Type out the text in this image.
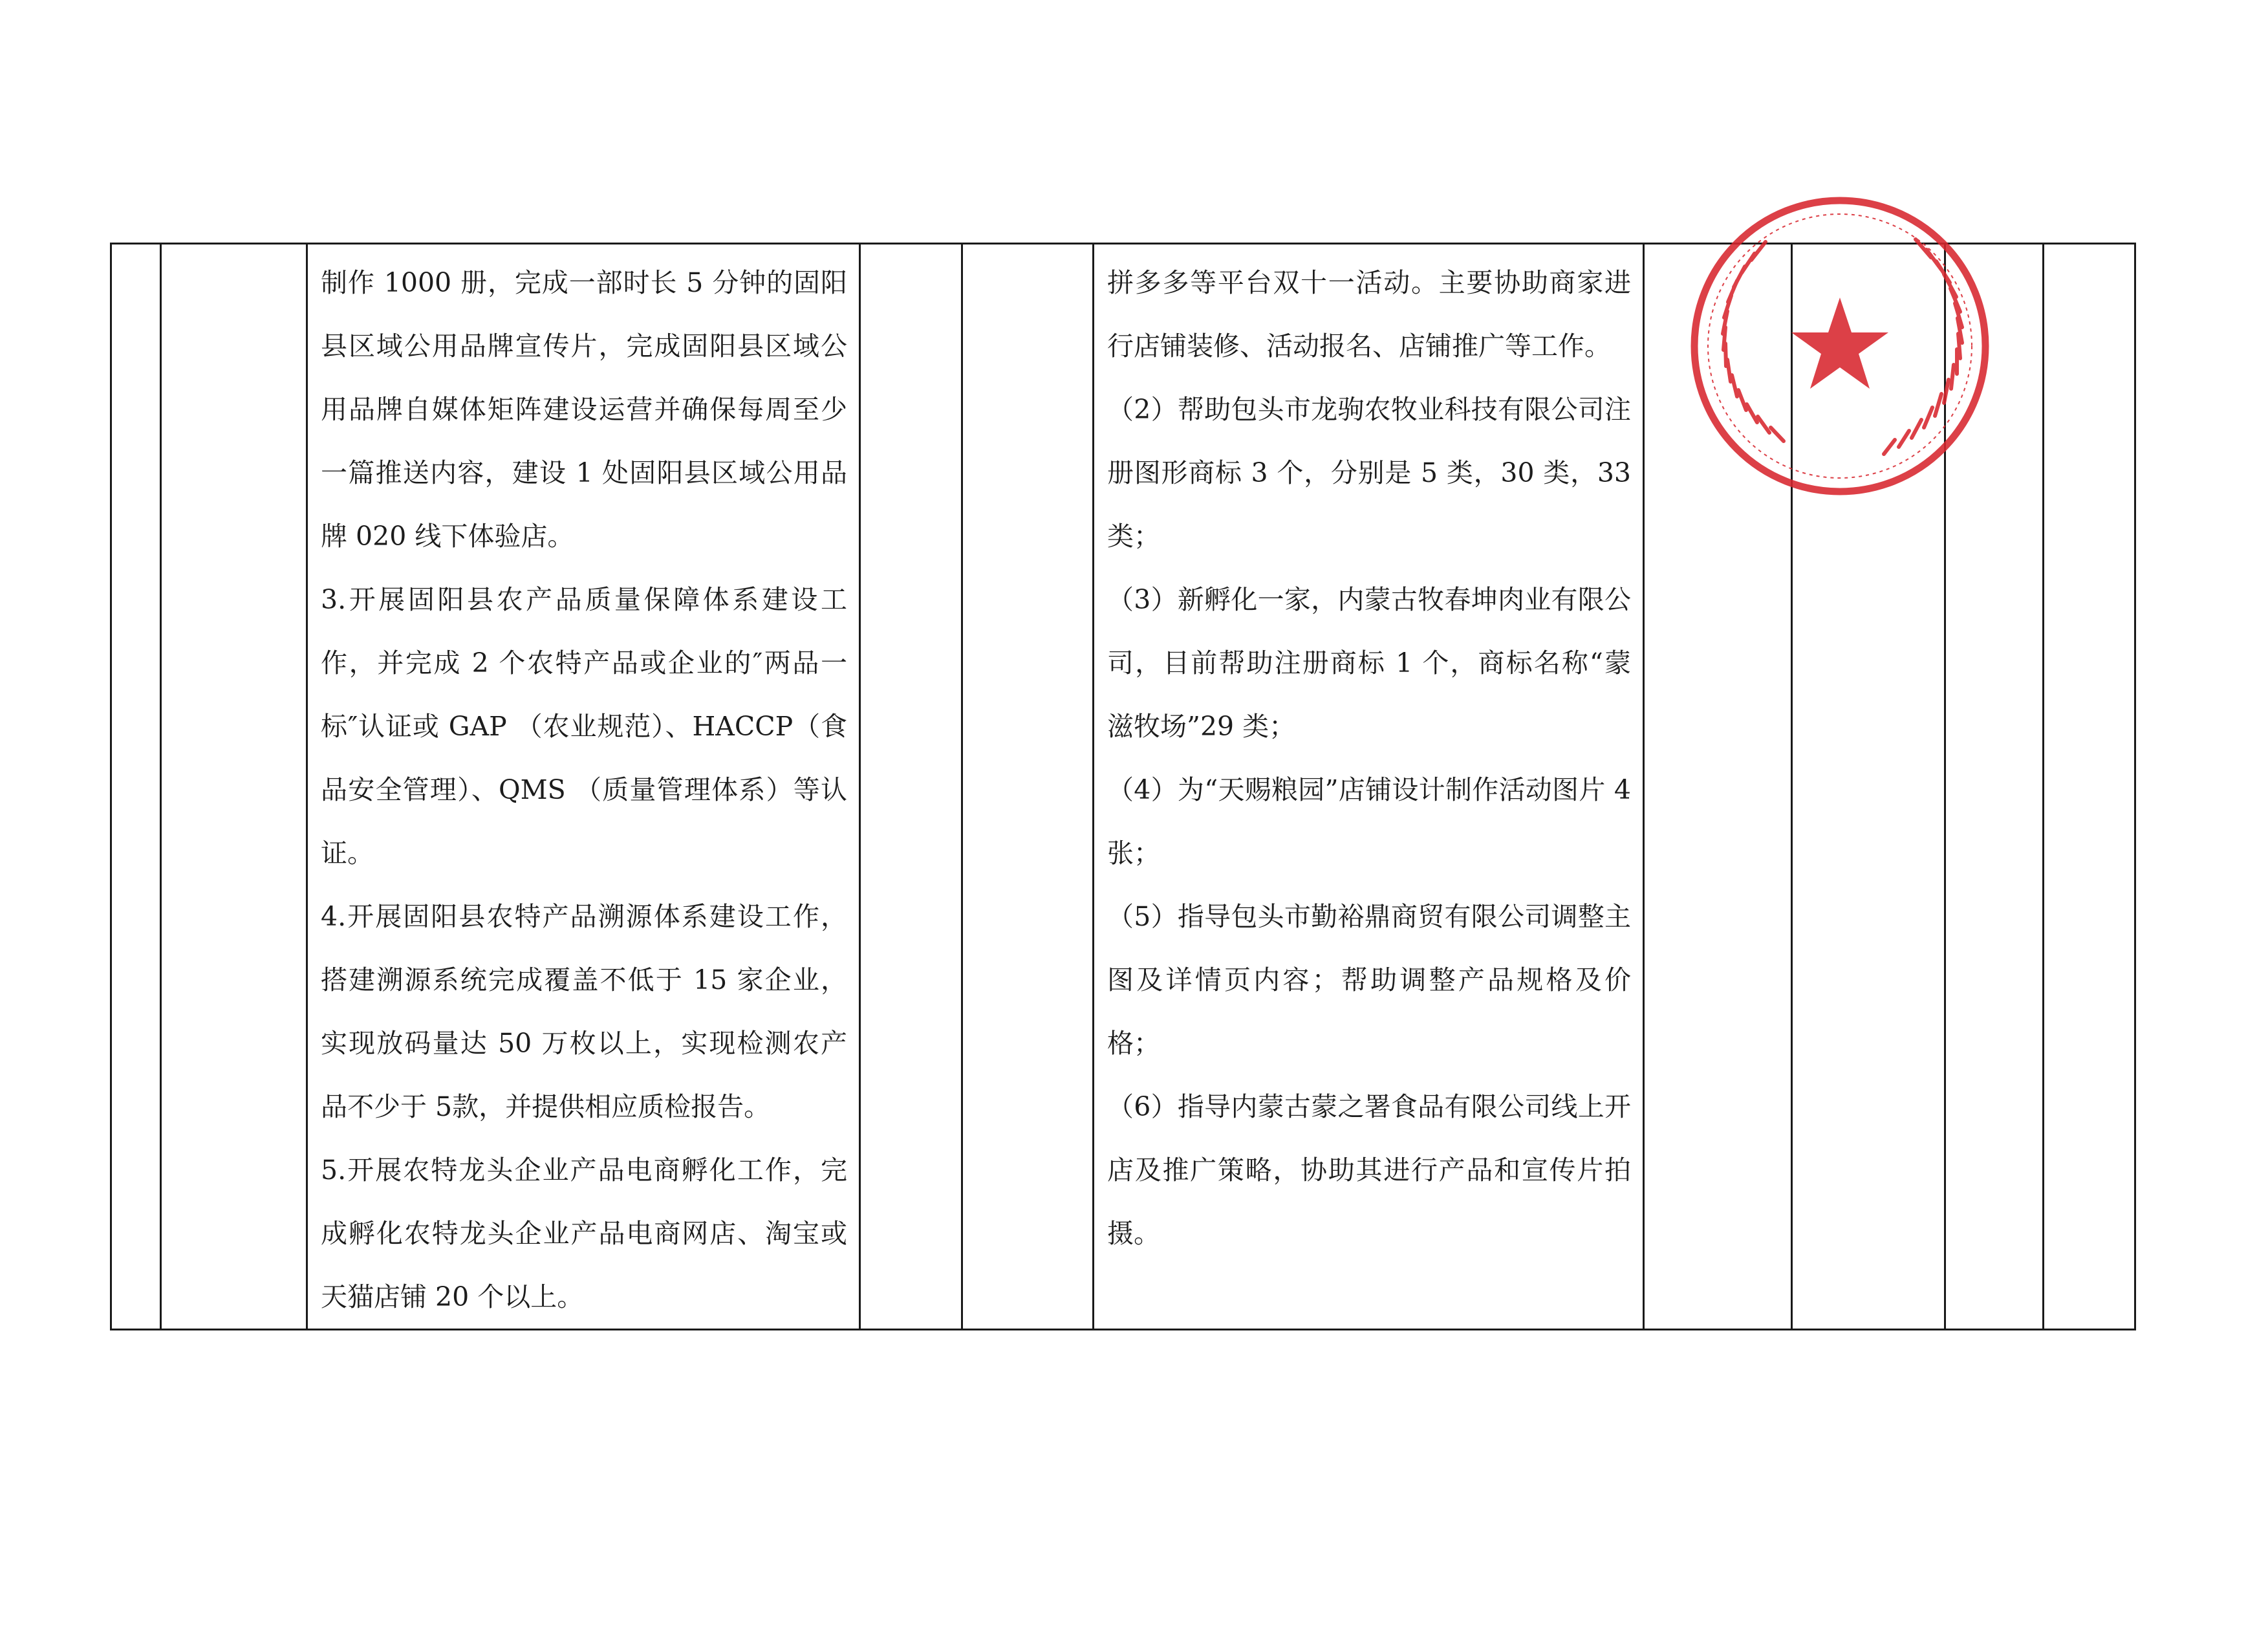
制作 1000 册，完成一部时长 5 分钟的固阳县区域公用品牌宣传片，完成固阳县区域公用品牌自媒体矩阵建设运营并确保每周至少一篇推送内容，建设 1 处固阳县区域公用品牌 020 线下体验店。

3.开展固阳县农产品质量保障体系建设工作，并完成 2 个农特产品或企业的″两品一标″认证或 GAP （农业规范）、HACCP（食品安全管理）、QMS （质量管理体系）等认证。

4.开展固阳县农特产品溯源体系建设工作，搭建溯源系统完成覆盖不低于 15 家企业，实现放码量达 50 万枚以上，实现检测农产品不少于 5款，并提供相应质检报告。

5.开展农特龙头企业产品电商孵化工作，完成孵化农特龙头企业产品电商网店、淘宝或天猫店铺 20 个以上。

拼多多等平台双十一活动。主要协助商家进行店铺装修、活动报名、店铺推广等工作。

（2）帮助包头市龙驹农牧业科技有限公司注册图形商标 3 个，分别是 5 类，30 类，33 类；

（3）新孵化一家，内蒙古牧春坤肉业有限公司，目前帮助注册商标 1 个，商标名称“蒙滋牧场”29 类；

（4）为“天赐粮园”店铺设计制作活动图片 4 张；

（5）指导包头市勤裕鼎商贸有限公司调整主图及详情页内容；帮助调整产品规格及价格；

（6）指导内蒙古蒙之署食品有限公司线上开店及推广策略，协助其进行产品和宣传片拍摄。
